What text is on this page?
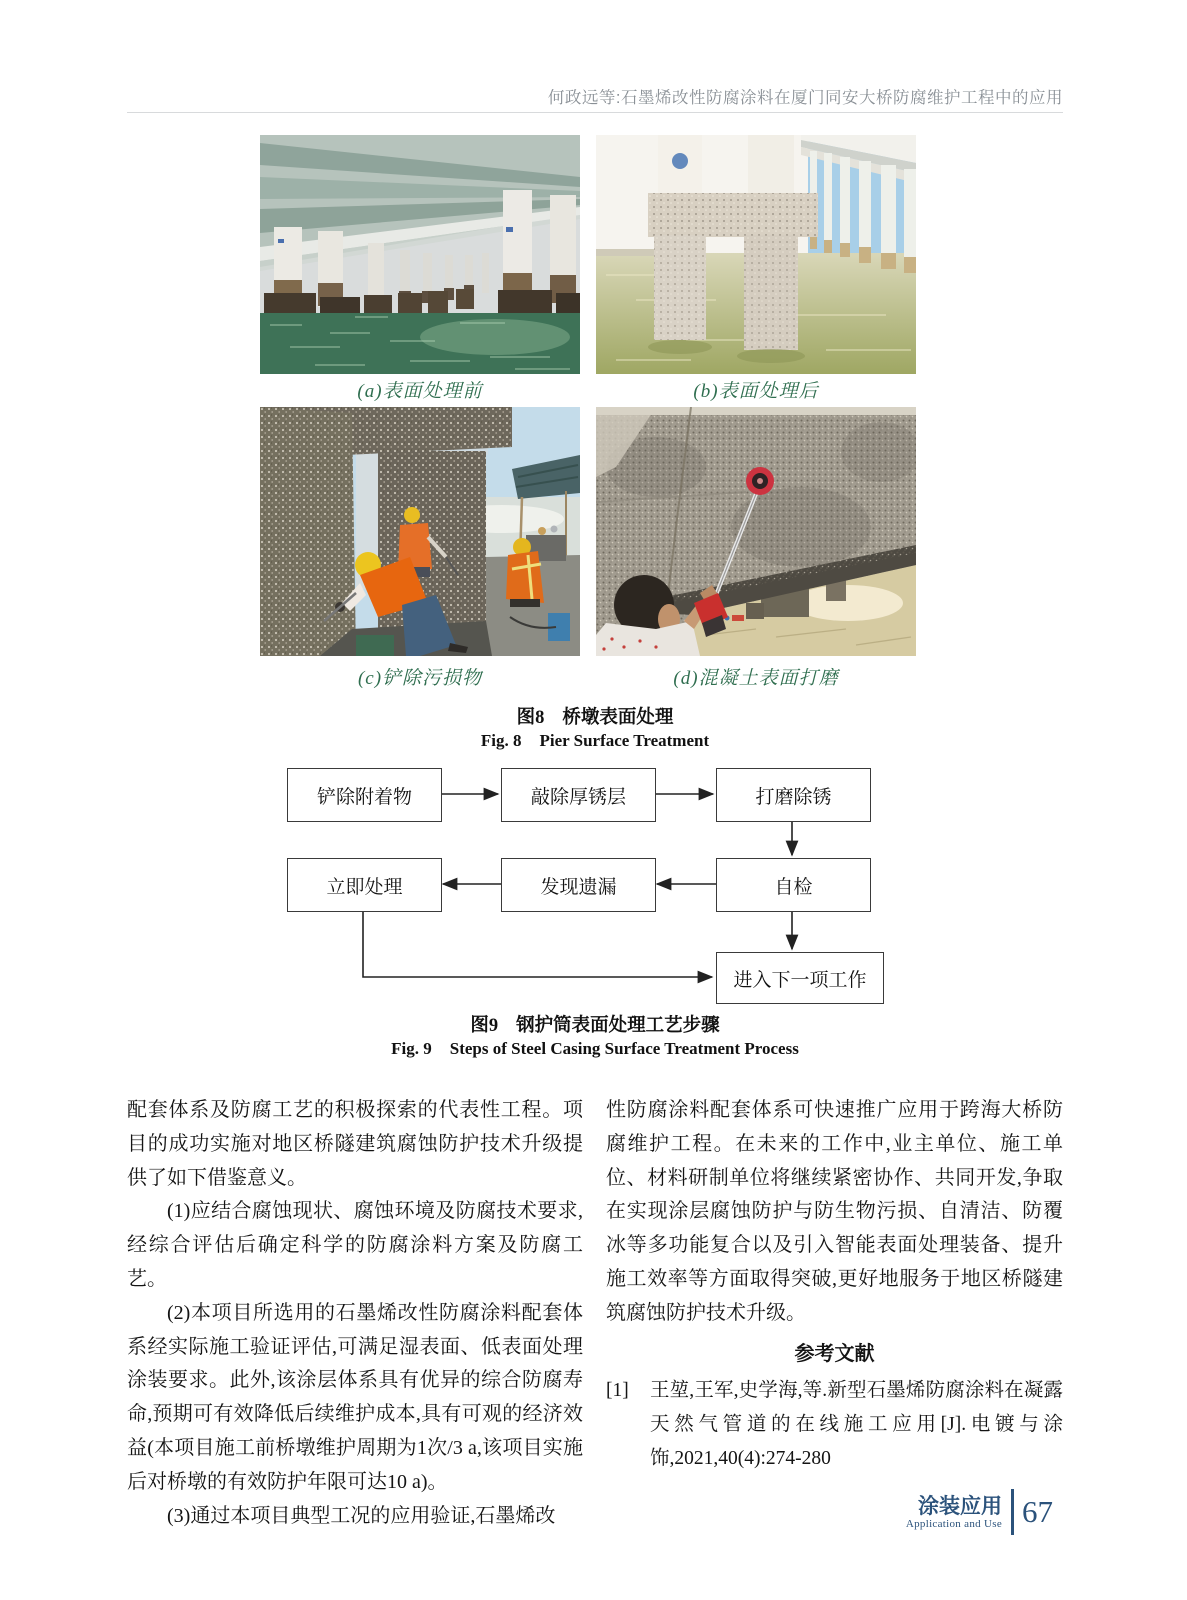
何政远等:石墨烯改性防腐涂料在厦门同安大桥防腐维护工程中的应用
(a)表面处理前	(b)表面处理后
(c)铲除污损物	(d)混凝土表面打磨
图8 桥墩表面处理
Fig. 8 Pier Surface Treatment
铲除附着物	敲除厚锈层	打磨除锈
立即处理	发现遗漏	自检
进入下一项工作
图9 钢护筒表面处理工艺步骤
Fig. 9 Steps of Steel Casing Surface Treatment Process

配套体系及防腐工艺的积极探索的代表性工程。项目的成功实施对地区桥隧建筑腐蚀防护技术升级提供了如下借鉴意义。

(1)应结合腐蚀现状、腐蚀环境及防腐技术要求,经综合评估后确定科学的防腐涂料方案及防腐工艺。

(2)本项目所选用的石墨烯改性防腐涂料配套体系经实际施工验证评估,可满足湿表面、低表面处理涂装要求。此外,该涂层体系具有优异的综合防腐寿命,预期可有效降低后续维护成本,具有可观的经济效益(本项目施工前桥墩维护周期为1次/3 a,该项目实施后对桥墩的有效防护年限可达10 a)。

(3)通过本项目典型工况的应用验证,石墨烯改

性防腐涂料配套体系可快速推广应用于跨海大桥防腐维护工程。在未来的工作中,业主单位、施工单位、材料研制单位将继续紧密协作、共同开发,争取在实现涂层腐蚀防护与防生物污损、自清洁、防覆冰等多功能复合以及引入智能表面处理装备、提升施工效率等方面取得突破,更好地服务于地区桥隧建筑腐蚀防护技术升级。

参考文献

[1] 王堃,王军,史学海,等.新型石墨烯防腐涂料在凝露天然气管道的在线施工应用[J].电镀与涂饰,2021,40(4):274-280
涂装应用
Application and Use 67
